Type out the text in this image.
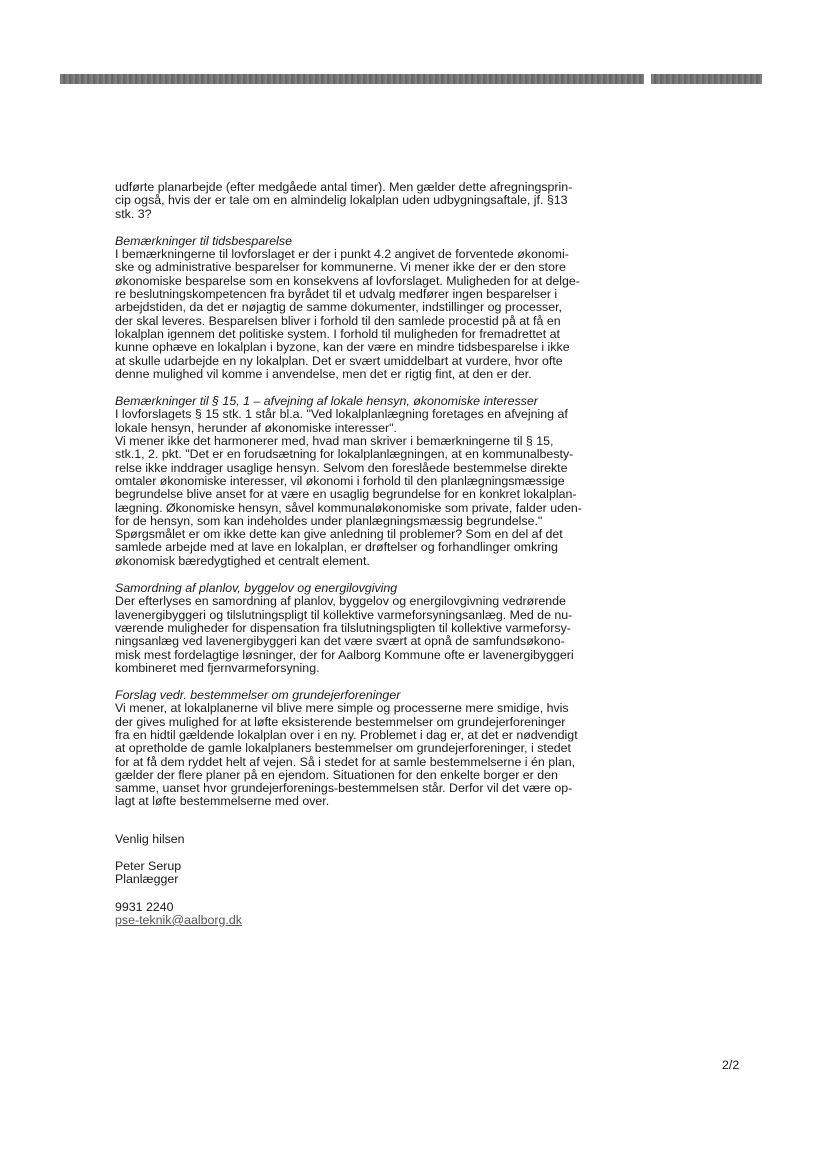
udførte planarbejde (efter medgåede antal timer). Men gælder dette afregningsprin-
cip også, hvis der er tale om en almindelig lokalplan uden udbygningsaftale, jf. §13
stk. 3?
Bemærkninger til tidsbesparelse
I bemærkningerne til lovforslaget er der i punkt 4.2 angivet de forventede økonomi-
ske og administrative besparelser for kommunerne. Vi mener ikke der er den store
økonomiske besparelse som en konsekvens af lovforslaget. Muligheden for at delge-
re beslutningskompetencen fra byrådet til et udvalg medfører ingen besparelser i
arbejdstiden, da det er nøjagtig de samme dokumenter, indstillinger og processer,
der skal leveres. Besparelsen bliver i forhold til den samlede procestid på at få en
lokalplan igennem det politiske system. I forhold til muligheden for fremadrettet at
kunne ophæve en lokalplan i byzone, kan der være en mindre tidsbesparelse i ikke
at skulle udarbejde en ny lokalplan. Det er svært umiddelbart at vurdere, hvor ofte
denne mulighed vil komme i anvendelse, men det er rigtig fint, at den er der.
Bemærkninger til § 15, 1 – afvejning af lokale hensyn, økonomiske interesser
I lovforslagets § 15 stk. 1 står bl.a. "Ved lokalplanlægning foretages en afvejning af
lokale hensyn, herunder af økonomiske interesser".
Vi mener ikke det harmonerer med, hvad man skriver i bemærkningerne til § 15,
stk.1, 2. pkt. "Det er en forudsætning for lokalplanlægningen, at en kommunalbesty-
relse ikke inddrager usaglige hensyn. Selvom den foreslåede bestemmelse direkte
omtaler økonomiske interesser, vil økonomi i forhold til den planlægningsmæssige
begrundelse blive anset for at være en usaglig begrundelse for en konkret lokalplan-
lægning. Økonomiske hensyn, såvel kommunaløkonomiske som private, falder uden-
for de hensyn, som kan indeholdes under planlægningsmæssig begrundelse."
Spørgsmålet er om ikke dette kan give anledning til problemer? Som en del af det
samlede arbejde med at lave en lokalplan, er drøftelser og forhandlinger omkring
økonomisk bæredygtighed et centralt element.
Samordning af planlov, byggelov og energilovgiving
Der efterlyses en samordning af planlov, byggelov og energilovgivning vedrørende
lavenergibyggeri og tilslutningspligt til kollektive varmeforsyningsanlæg. Med de nu-
værende muligheder for dispensation fra tilslutningspligten til kollektive varmeforsy-
ningsanlæg ved lavenergibyggeri kan det være svært at opnå de samfundsøkono-
misk mest fordelagtige løsninger, der for Aalborg Kommune ofte er lavenergibyggeri
kombineret med fjernvarmeforsyning.
Forslag vedr. bestemmelser om grundejerforeninger
Vi mener, at lokalplanerne vil blive mere simple og processerne mere smidige, hvis
der gives mulighed for at løfte eksisterende bestemmelser om grundejerforeninger
fra en hidtil gældende lokalplan over i en ny. Problemet i dag er, at det er nødvendigt
at opretholde de gamle lokalplaners bestemmelser om grundejerforeninger, i stedet
for at få dem ryddet helt af vejen. Så i stedet for at samle bestemmelserne i én plan,
gælder der flere planer på en ejendom. Situationen for den enkelte borger er den
samme, uanset hvor grundejerforenings-bestemmelsen står. Derfor vil det være op-
lagt at løfte bestemmelserne med over.
Venlig hilsen
Peter Serup
Planlægger
9931 2240
pse-teknik@aalborg.dk
2/2
